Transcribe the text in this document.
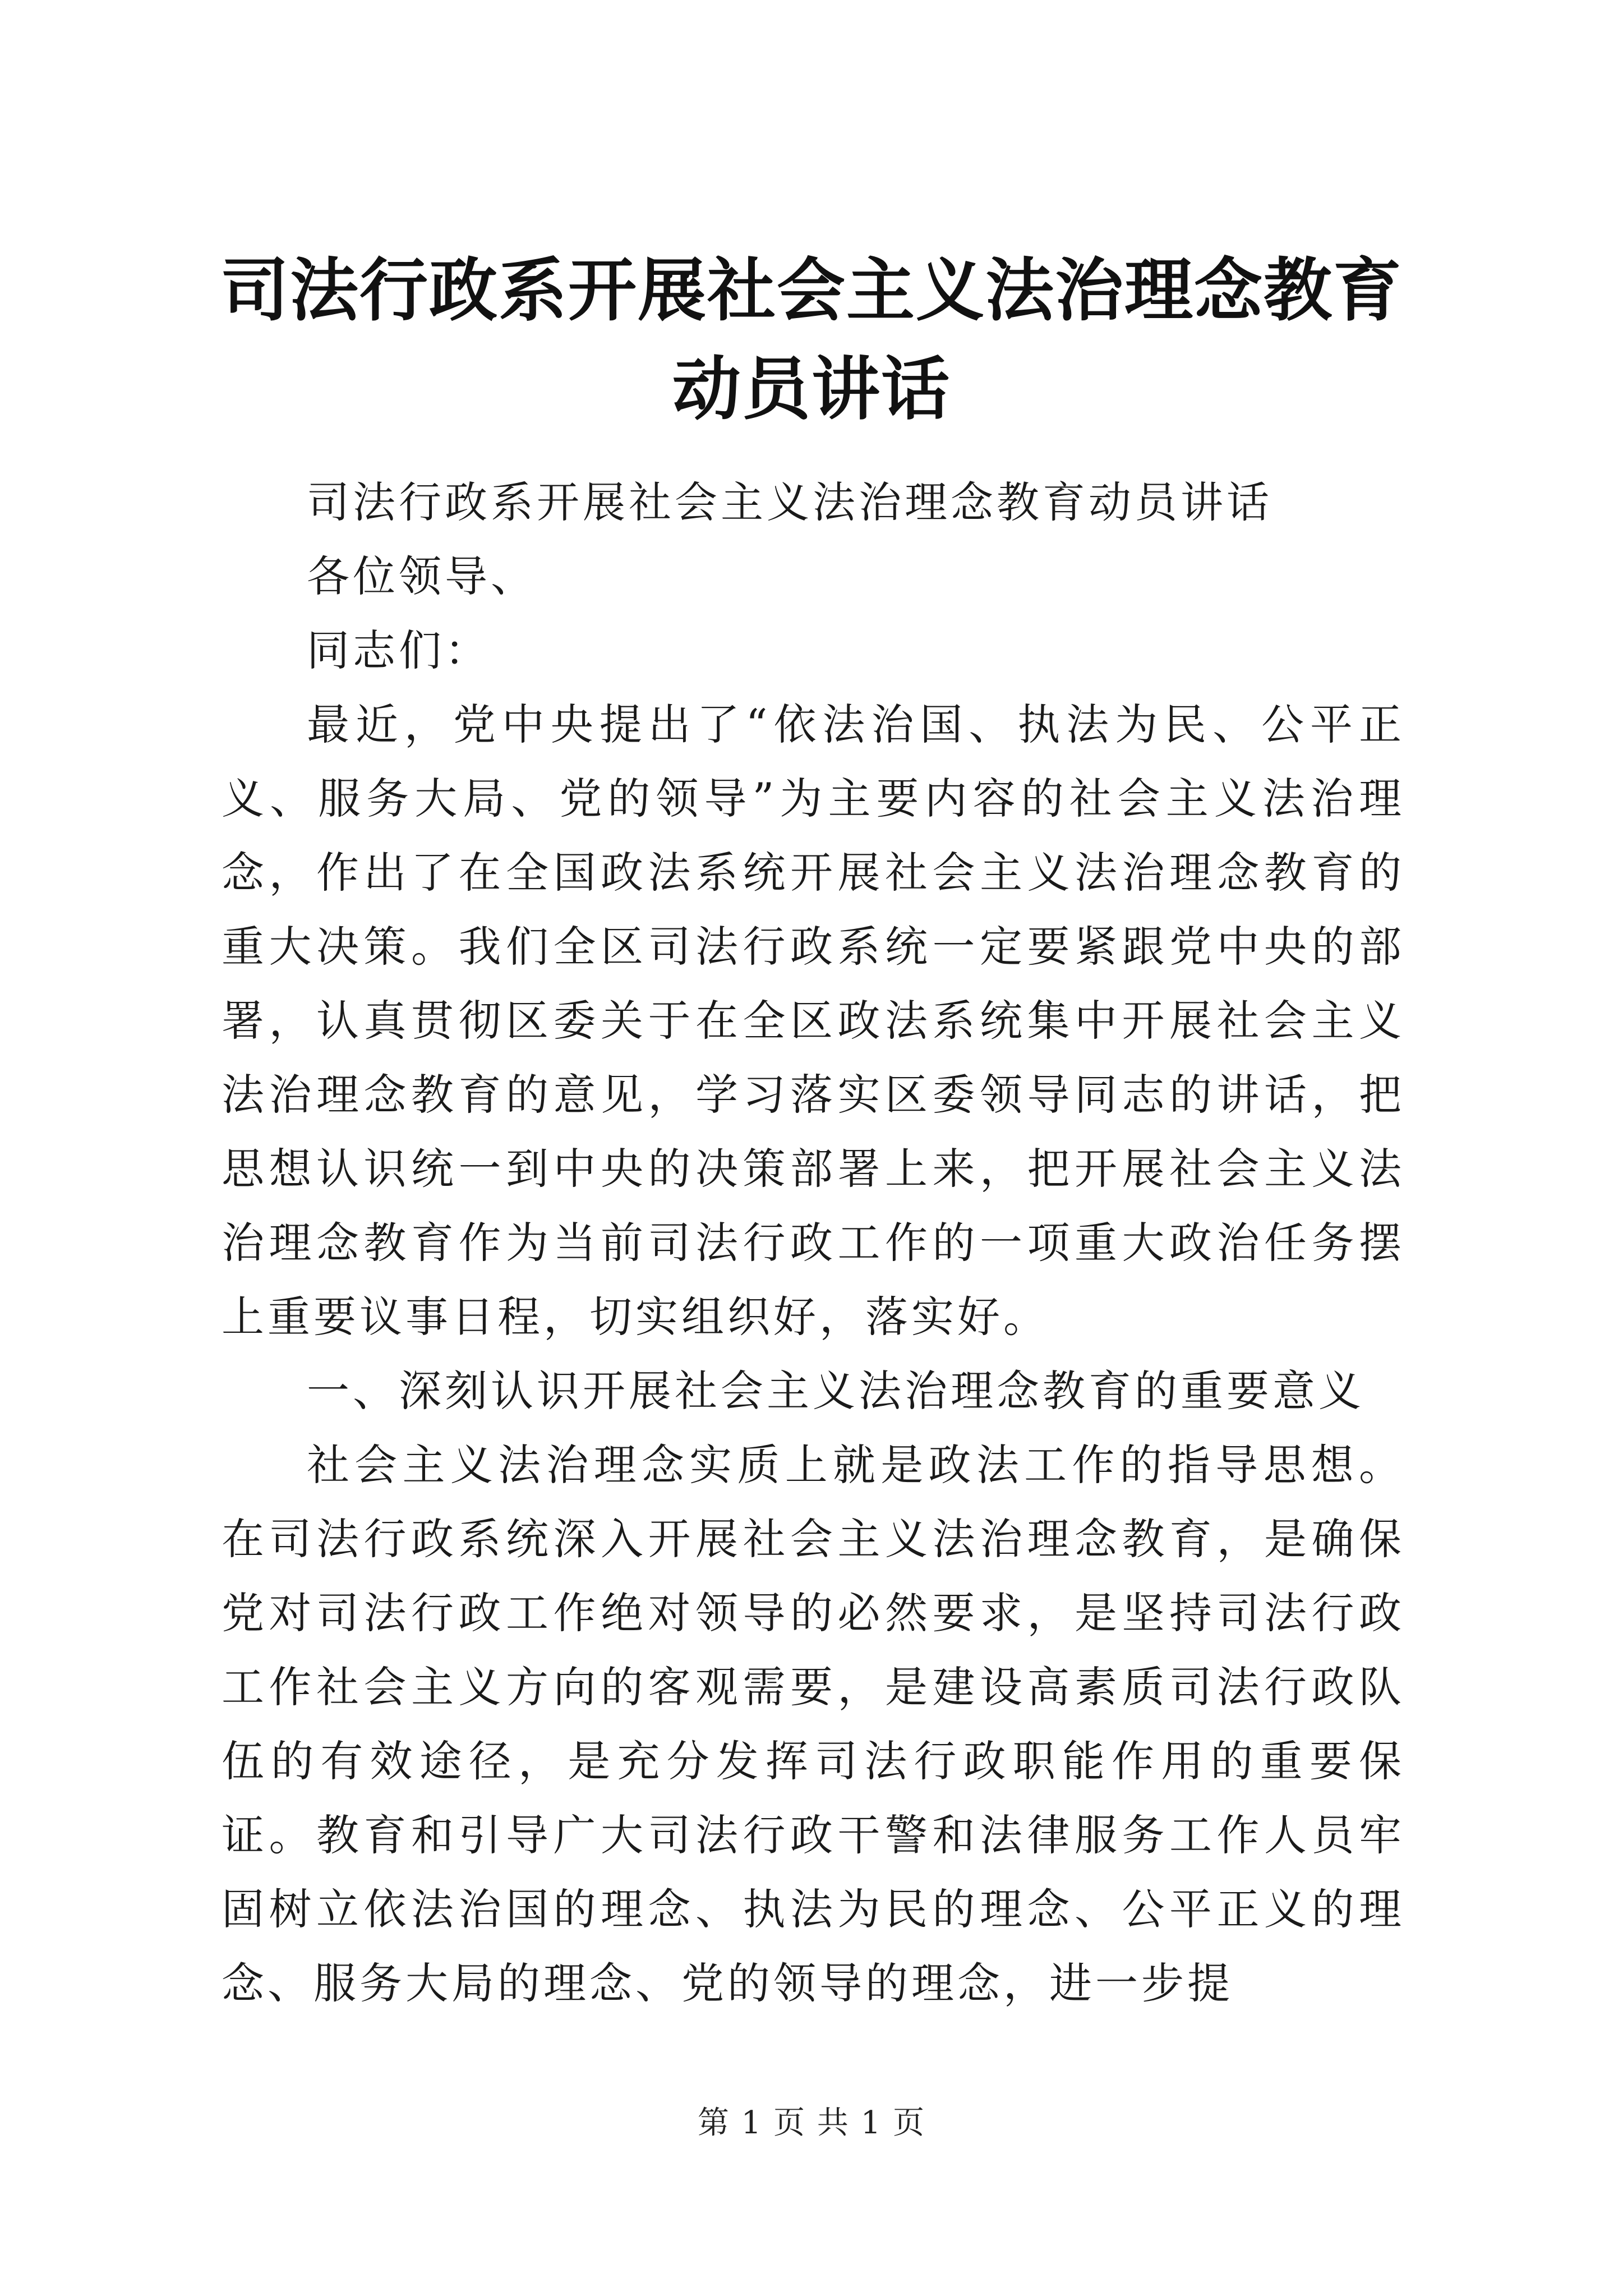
司法行政系开展社会主义法治理念教育动员讲话

司法行政系开展社会主义法治理念教育动员讲话

各位领导、

同志们：

最近，党中央提出了“依法治国、执法为民、公平正义、服务大局、党的领导”为主要内容的社会主义法治理念，作出了在全国政法系统开展社会主义法治理念教育的重大决策。我们全区司法行政系统一定要紧跟党中央的部署，认真贯彻区委关于在全区政法系统集中开展社会主义法治理念教育的意见，学习落实区委领导同志的讲话，把思想认识统一到中央的决策部署上来，把开展社会主义法治理念教育作为当前司法行政工作的一项重大政治任务摆上重要议事日程，切实组织好，落实好。

一、深刻认识开展社会主义法治理念教育的重要意义

社会主义法治理念实质上就是政法工作的指导思想。在司法行政系统深入开展社会主义法治理念教育，是确保党对司法行政工作绝对领导的必然要求，是坚持司法行政工作社会主义方向的客观需要，是建设高素质司法行政队伍的有效途径，是充分发挥司法行政职能作用的重要保证。教育和引导广大司法行政干警和法律服务工作人员牢固树立依法治国的理念、执法为民的理念、公平正义的理念、服务大局的理念、党的领导的理念，进一步提

第 1 页 共 1 页
